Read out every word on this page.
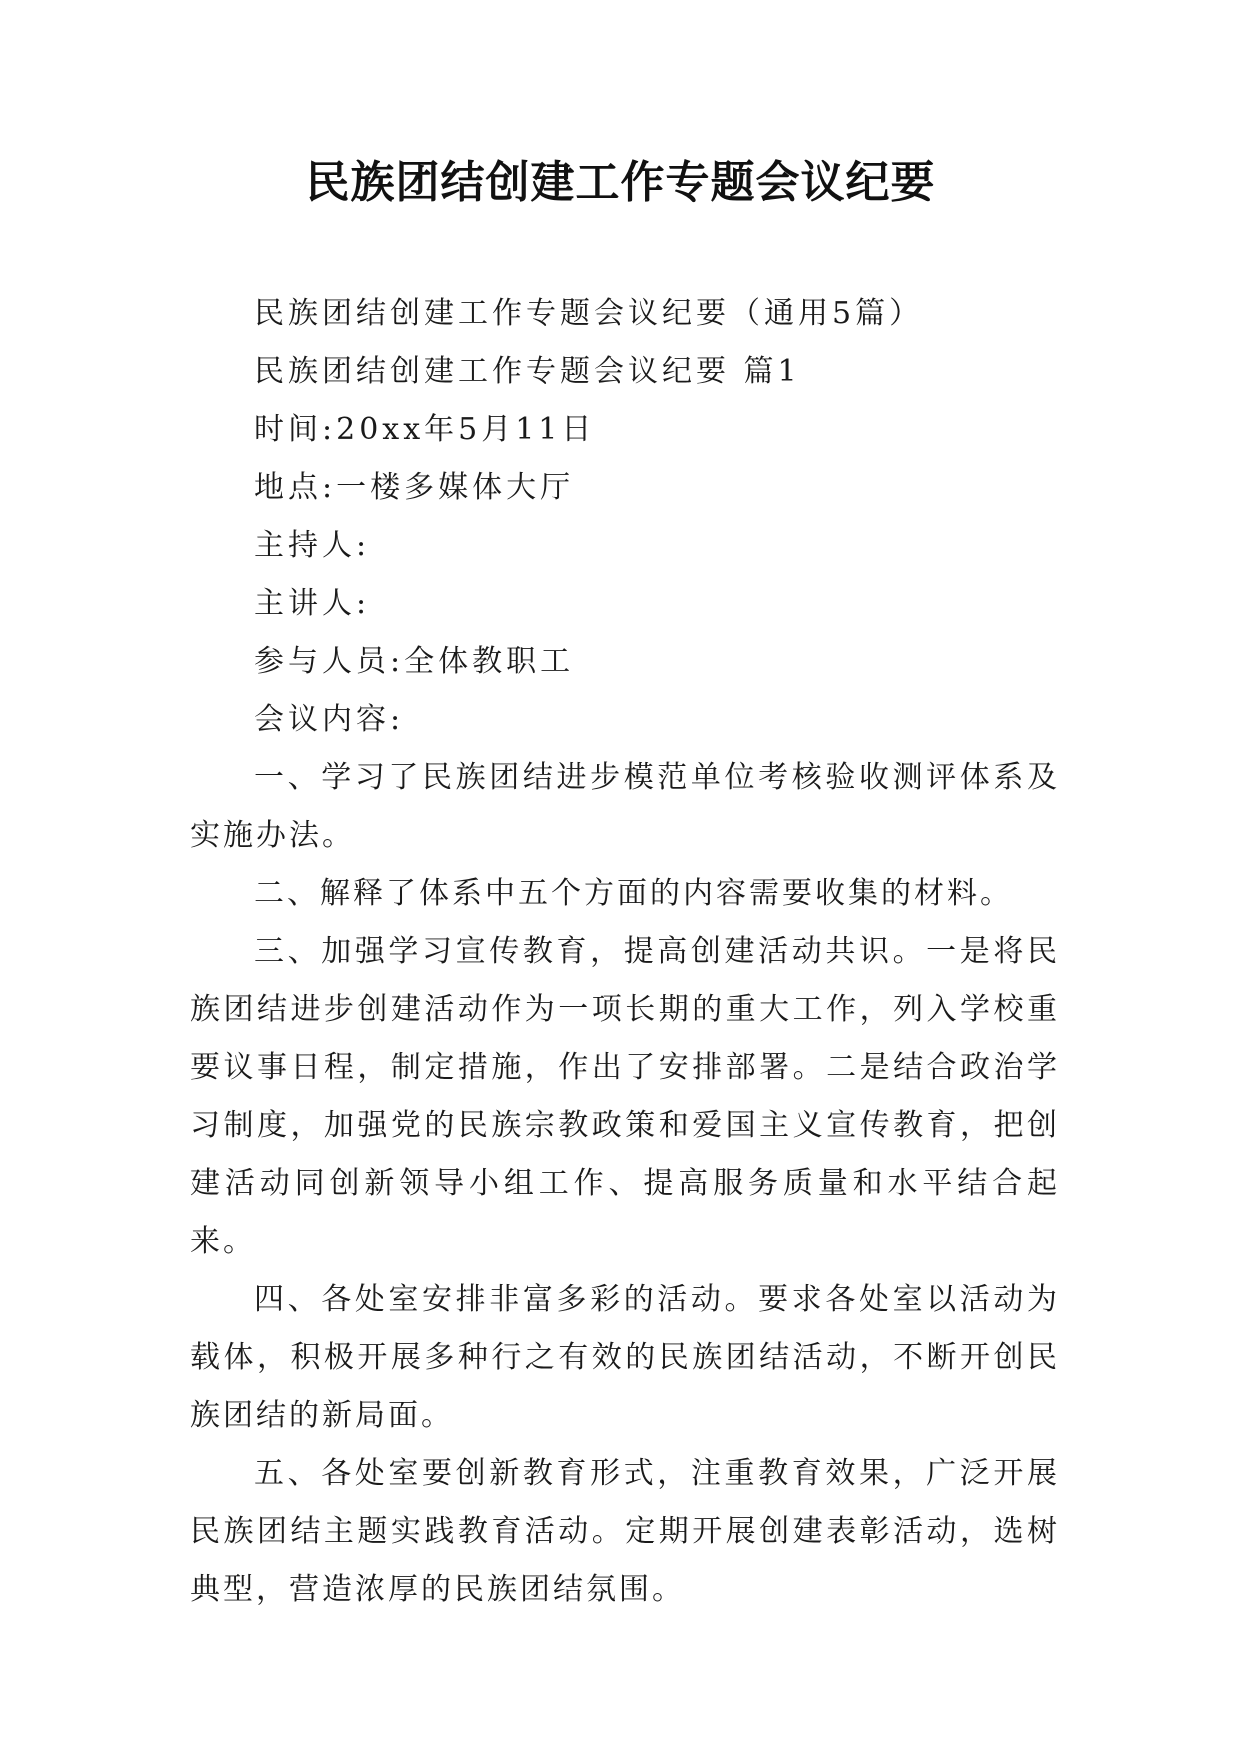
民族团结创建工作专题会议纪要

民族团结创建工作专题会议纪要（通用5篇）

民族团结创建工作专题会议纪要 篇1

时间:20xx年5月11日

地点:一楼多媒体大厅

主持人:

主讲人:

参与人员:全体教职工

会议内容:

一、学习了民族团结进步模范单位考核验收测评体系及实施办法。

二、解释了体系中五个方面的内容需要收集的材料。

三、加强学习宣传教育，提高创建活动共识。一是将民族团结进步创建活动作为一项长期的重大工作，列入学校重要议事日程，制定措施，作出了安排部署。二是结合政治学习制度，加强党的民族宗教政策和爱国主义宣传教育，把创建活动同创新领导小组工作、提高服务质量和水平结合起来。

四、各处室安排非富多彩的活动。要求各处室以活动为载体，积极开展多种行之有效的民族团结活动，不断开创民族团结的新局面。

五、各处室要创新教育形式，注重教育效果，广泛开展民族团结主题实践教育活动。定期开展创建表彰活动，选树典型，营造浓厚的民族团结氛围。
